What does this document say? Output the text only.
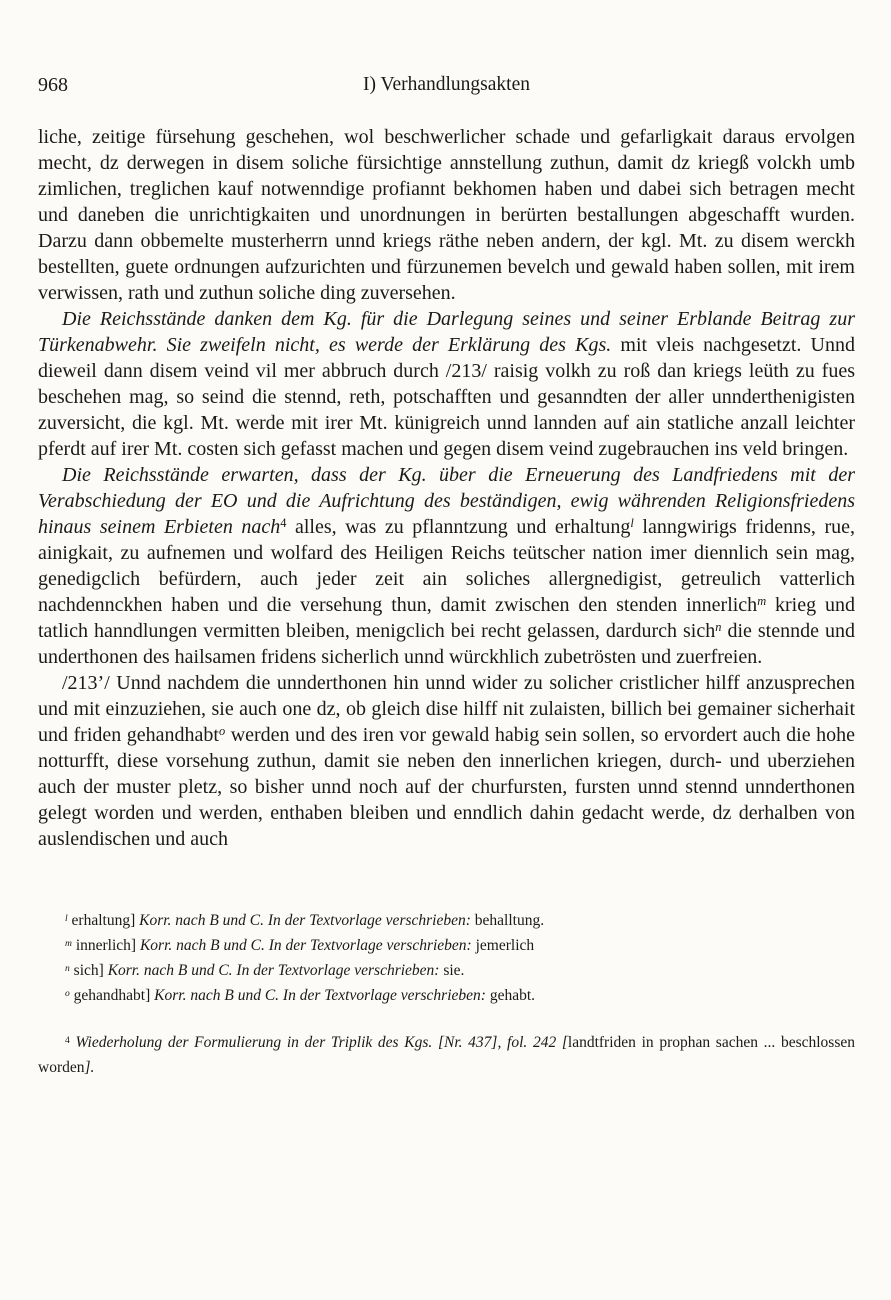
968	I) Verhandlungsakten

liche, zeitige fürsehung geschehen, wol beschwerlicher schade und gefarligkait daraus ervolgen mecht, dz derwegen in disem soliche fürsichtige annstellung zuthun, damit dz kriegß volckh umb zimlichen, treglichen kauf notwenndige profiannt bekhomen haben und dabei sich betragen mecht und daneben die unrichtigkaiten und unordnungen in berürten bestallungen abgeschafft wurden. Darzu dann obbemelte musterherrn unnd kriegs räthe neben andern, der kgl. Mt. zu disem werckh bestellten, guete ordnungen aufzurichten und fürzunemen bevelch und gewald haben sollen, mit irem verwissen, rath und zuthun soliche ding zuversehen.

Die Reichsstände danken dem Kg. für die Darlegung seines und seiner Erblande Beitrag zur Türkenabwehr. Sie zweifeln nicht, es werde der Erklärung des Kgs. mit vleis nachgesetzt. Unnd dieweil dann disem veind vil mer abbruch durch /213/ raisig volkh zu roß dan kriegs leüth zu fues beschehen mag, so seind die stennd, reth, potschafften und gesanndten der aller unnderthenigisten zuversicht, die kgl. Mt. werde mit irer Mt. künigreich unnd lannden auf ain statliche anzall leichter pferdt auf irer Mt. costen sich gefasst machen und gegen disem veind zugebrauchen ins veld bringen.

Die Reichsstände erwarten, dass der Kg. über die Erneuerung des Landfriedens mit der Verabschiedung der EO und die Aufrichtung des beständigen, ewig währenden Religionsfriedens hinaus seinem Erbieten nach$^4$ alles, was zu pflanntzung und erhaltung$^l$ lanngwirigs fridenns, rue, ainigkait, zu aufnemen und wolfard des Heiligen Reichs teütscher nation imer diennlich sein mag, genedigclich befürdern, auch jeder zeit ain soliches allergnedigist, getreulich vatterlich nachdennckhen haben und die versehung thun, damit zwischen den stenden innerlich$^m$ krieg und tatlich hanndlungen vermitten bleiben, menigclich bei recht gelassen, dardurch sich$^n$ die stennde und underthonen des hailsamen fridens sicherlich unnd würckhlich zubetrösten und zuerfreien.

/213’/ Unnd nachdem die unnderthonen hin unnd wider zu solicher cristlicher hilff anzusprechen und mit einzuziehen, sie auch one dz, ob gleich dise hilff nit zulaisten, billich bei gemainer sicherhait und friden gehandhabt$^o$ werden und des iren vor gewald habig sein sollen, so ervordert auch die hohe notturfft, diese vorsehung zuthun, damit sie neben den innerlichen kriegen, durch- und uberziehen auch der muster pletz, so bisher unnd noch auf der churfursten, fursten unnd stennd unnderthonen gelegt worden und werden, enthaben bleiben und enndlich dahin gedacht werde, dz derhalben von auslendischen und auch

$^l$ erhaltung] Korr. nach B und C. In der Textvorlage verschrieben: behalltung.

$^m$ innerlich] Korr. nach B und C. In der Textvorlage verschrieben: jemerlich

$^n$ sich] Korr. nach B und C. In der Textvorlage verschrieben: sie.

$^o$ gehandhabt] Korr. nach B und C. In der Textvorlage verschrieben: gehabt.

$^4$ Wiederholung der Formulierung in der Triplik des Kgs. [Nr. 437], fol. 242 [landtfriden in prophan sachen ... beschlossen worden].
